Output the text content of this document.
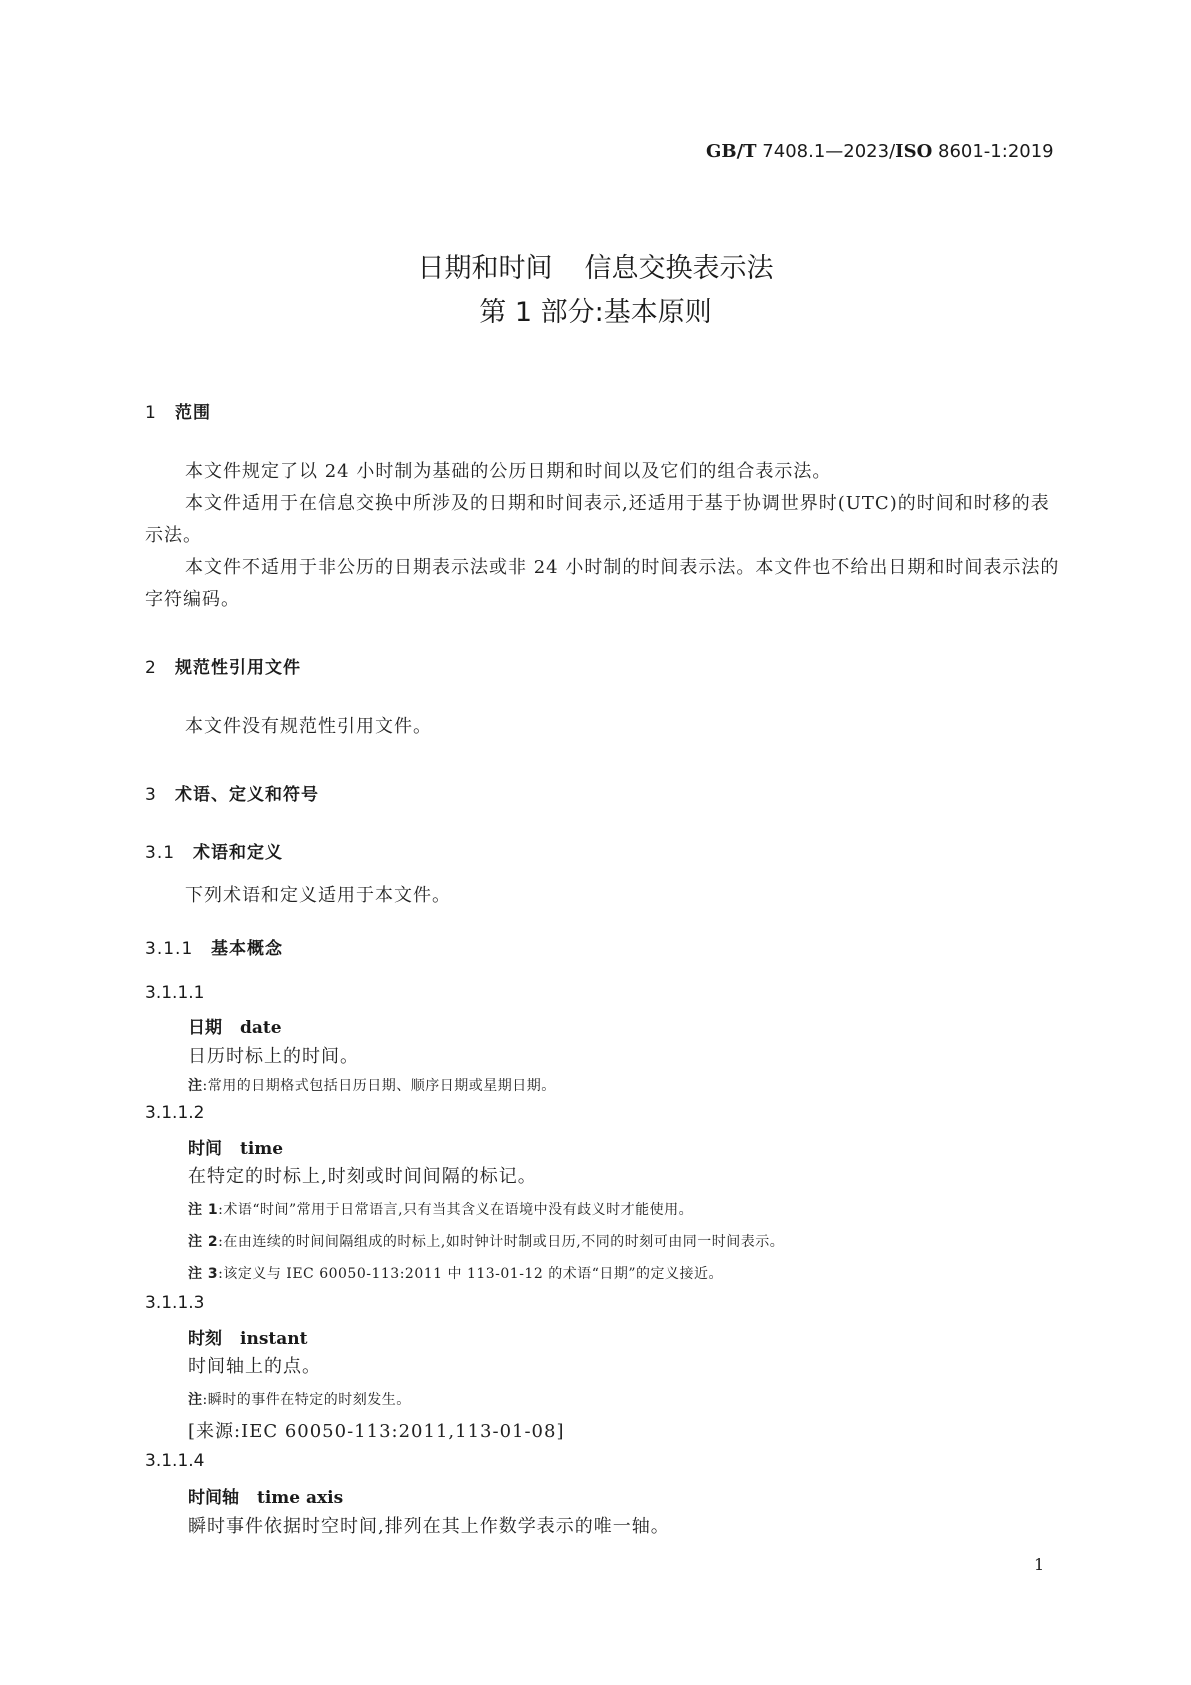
GB/T 7408.1—2023/ISO 8601-1:2019
日期和时间 信息交换表示法
第 1 部分:基本原则
1 范围
本文件规定了以 24 小时制为基础的公历日期和时间以及它们的组合表示法。
本文件适用于在信息交换中所涉及的日期和时间表示,还适用于基于协调世界时(UTC)的时间和时移的表示法。
本文件不适用于非公历的日期表示法或非 24 小时制的时间表示法。本文件也不给出日期和时间表示法的字符编码。
2 规范性引用文件
本文件没有规范性引用文件。
3 术语、定义和符号
3.1 术语和定义
下列术语和定义适用于本文件。
3.1.1 基本概念
3.1.1.1
日期 date
日历时标上的时间。
注:常用的日期格式包括日历日期、顺序日期或星期日期。
3.1.1.2
时间 time
在特定的时标上,时刻或时间间隔的标记。
注 1:术语“时间”常用于日常语言,只有当其含义在语境中没有歧义时才能使用。
注 2:在由连续的时间间隔组成的时标上,如时钟计时制或日历,不同的时刻可由同一时间表示。
注 3:该定义与 IEC 60050-113:2011 中 113-01-12 的术语“日期”的定义接近。
3.1.1.3
时刻 instant
时间轴上的点。
注:瞬时的事件在特定的时刻发生。
[来源:IEC 60050-113:2011,113-01-08]
3.1.1.4
时间轴 time axis
瞬时事件依据时空时间,排列在其上作数学表示的唯一轴。
1
